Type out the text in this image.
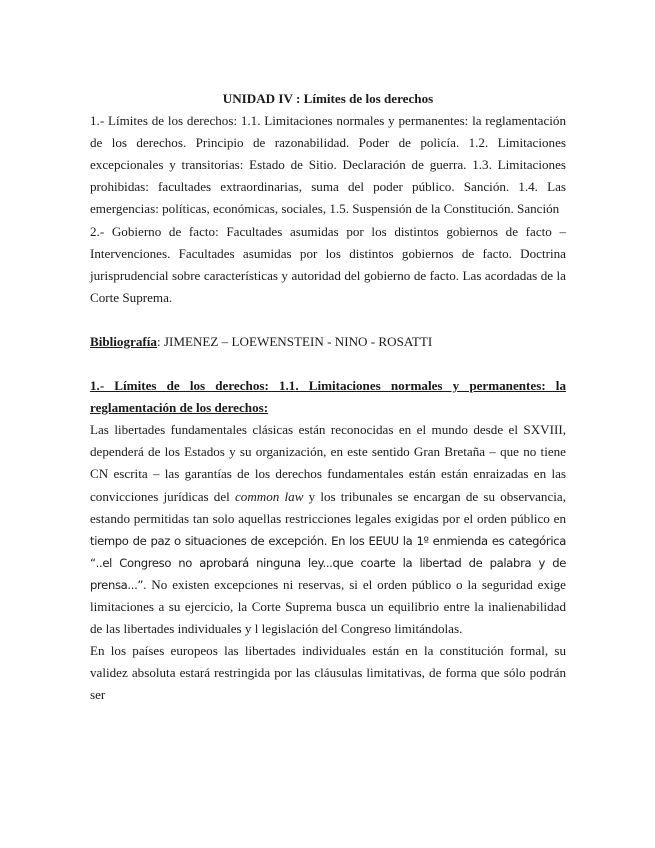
UNIDAD IV : Límites de los derechos

1.- Límites de los derechos: 1.1. Limitaciones normales y permanentes: la reglamentación de los derechos. Principio de razonabilidad. Poder de policía. 1.2. Limitaciones excepcionales y transitorias: Estado de Sitio. Declaración de guerra. 1.3. Limitaciones prohibidas: facultades extraordinarias, suma del poder público. Sanción. 1.4. Las emergencias: políticas, económicas, sociales, 1.5. Suspensión de la Constitución. Sanción

2.- Gobierno de facto: Facultades asumidas por los distintos gobiernos de facto – Intervenciones. Facultades asumidas por los distintos gobiernos de facto. Doctrina jurisprudencial sobre características y autoridad del gobierno de facto. Las acordadas de la Corte Suprema.

Bibliografía: JIMENEZ – LOEWENSTEIN - NINO - ROSATTI

1.- Límites de los derechos: 1.1. Limitaciones normales y permanentes: la reglamentación de los derechos:

Las libertades fundamentales clásicas están reconocidas en el mundo desde el SXVIII, dependerá de los Estados y su organización, en este sentido Gran Bretaña – que no tiene CN escrita – las garantías de los derechos fundamentales están están enraizadas en las convicciones jurídicas del common law y los tribunales se encargan de su observancia, estando permitidas tan solo aquellas restricciones legales exigidas por el orden público en tiempo de paz o situaciones de excepción. En los EEUU la 1º enmienda es categórica “..el Congreso no aprobará ninguna ley...que coarte la libertad de palabra y de prensa...”. No existen excepciones ni reservas, si el orden público o la seguridad exige limitaciones a su ejercicio, la Corte Suprema busca un equilibrio entre la inalienabilidad de las libertades individuales y l legislación del Congreso limitándolas.

En los países europeos las libertades individuales están en la constitución formal, su validez absoluta estará restringida por las cláusulas limitativas, de forma que sólo podrán ser
